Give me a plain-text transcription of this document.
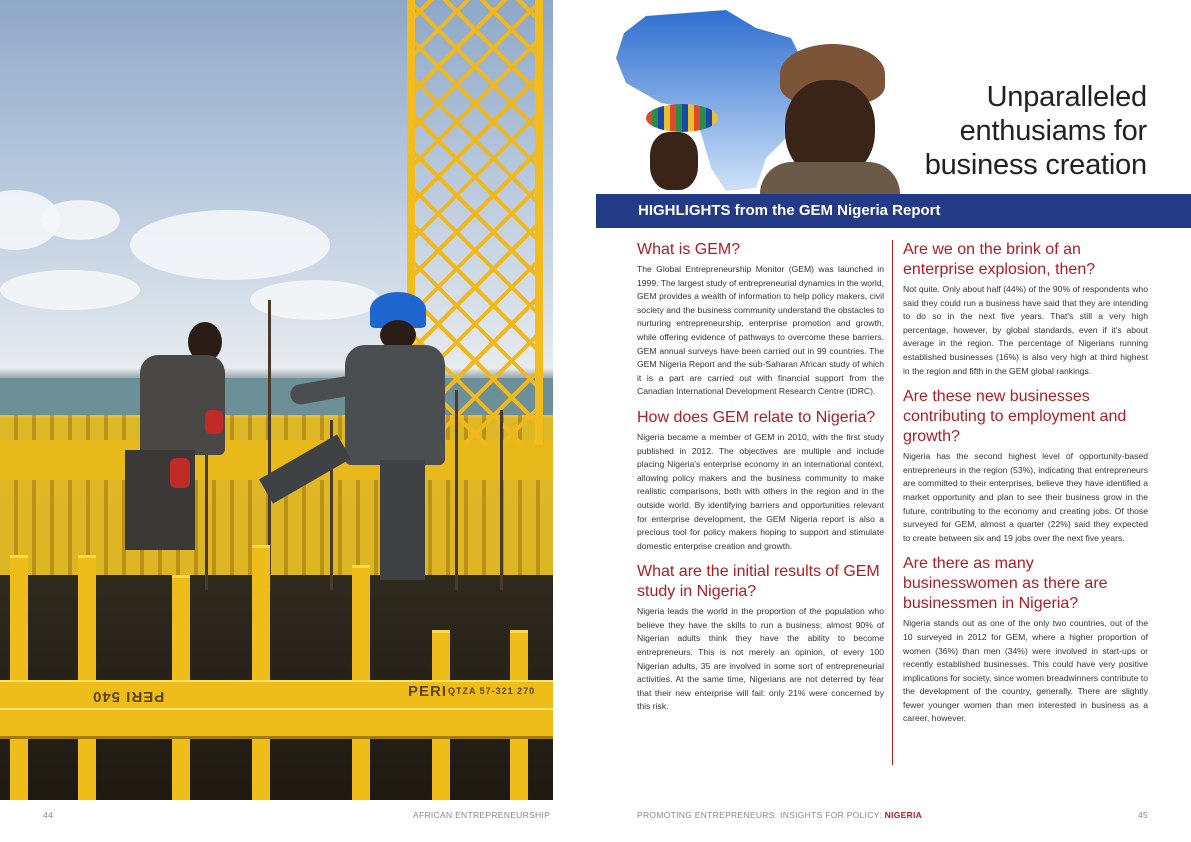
PERI QTZA 57-321 270
PERI 540
Unparalleled
enthusiams for
business creation
HIGHLIGHTS from the GEM Nigeria Report
What is GEM?

The Global Entrepreneurship Monitor (GEM) was launched in 1999. The largest study of entrepreneurial dynamics in the world, GEM provides a wealth of information to help policy makers, civil society and the business community understand the obstacles to nurturing entrepreneurship, enterprise promotion and growth, while offering evidence of pathways to overcome these barriers. GEM annual surveys have been carried out in 99 countries. The GEM Nigeria Report and the sub-Saharan African study of which it is a part are carried out with financial support from the Canadian International Development Research Centre (IDRC).

How does GEM relate to Nigeria?

Nigeria became a member of GEM in 2010, with the first study published in 2012. The objectives are multiple and include placing Nigeria's enterprise economy in an international context, allowing policy makers and the business community to make realistic comparisons, both with others in the region and in the outside world. By identifying barriers and opportunities relevant for enterprise development, the GEM Nigeria report is also a precious tool for policy makers hoping to support and stimulate domestic enterprise creation and growth.

What are the initial results of GEM study in Nigeria?

Nigeria leads the world in the proportion of the population who believe they have the skills to run a business; almost 90% of Nigerian adults think they have the ability to become entrepreneurs. This is not merely an opinion, of every 100 Nigerian adults, 35 are involved in some sort of entrepreneurial activities. At the same time, Nigerians are not deterred by fear that their new enterprise will fail: only 21% were concerned by this risk.

Are we on the brink of an enterprise explosion, then?

Not quite. Only about half (44%) of the 90% of respondents who said they could run a business have said that they are intending to do so in the next five years. That's still a very high percentage, however, by global standards, even if it's about average in the region. The percentage of Nigerians running established businesses (16%) is also very high at third highest in the region and fifth in the GEM global rankings.

Are these new businesses contributing to employment and growth?

Nigeria has the second highest level of opportunity-based entrepreneurs in the region (53%), indicating that entrepreneurs are committed to their enterprises, believe they have identified a market opportunity and plan to see their business grow in the future, contributing to the economy and creating jobs. Of those surveyed for GEM, almost a quarter (22%) said they expected to create between six and 19 jobs over the next five years.

Are there as many businesswomen as there are businessmen in Nigeria?

Nigeria stands out as one of the only two countries, out of the 10 surveyed in 2012 for GEM, where a higher proportion of women (36%) than men (34%) were involved in start-ups or recently established businesses. This could have very positive implications for society, since women breadwinners contribute to the development of the country, generally. There are slightly fewer younger women than men interested in business as a career, however.

44	AFRICAN ENTREPRENEURSHIP	PROMOTING ENTREPRENEURS: INSIGHTS FOR POLICY: NIGERIA	45
